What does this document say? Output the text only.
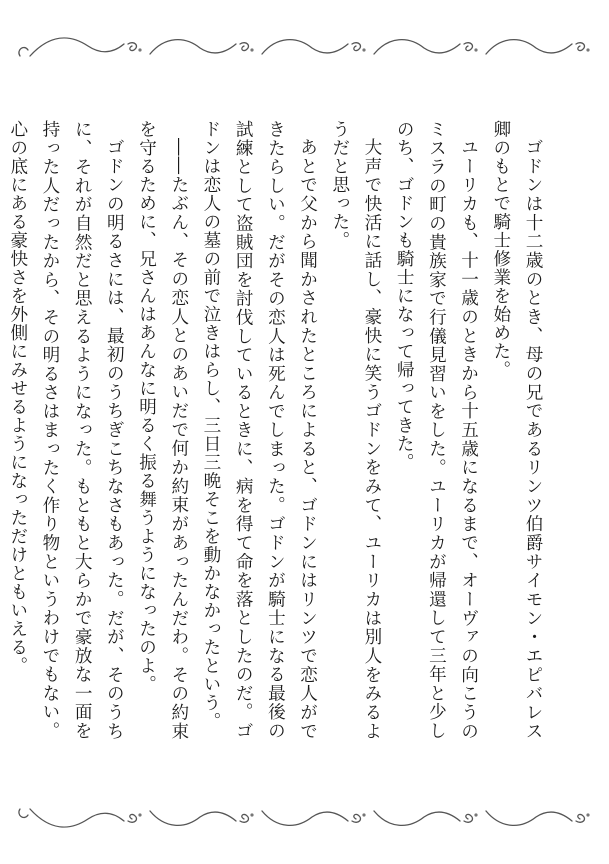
ゴドンは十二歳のとき、母の兄であるリンツ伯爵サイモン・エピバレス卿のもとで騎士修業を始めた。

ユーリカも、十一歳のときから十五歳になるまで、オーヴァの向こうのミスラの町の貴族家で行儀見習いをした。ユーリカが帰還して三年と少しのち、ゴドンも騎士になって帰ってきた。

大声で快活に話し、豪快に笑うゴドンをみて、ユーリカは別人をみるようだと思った。

あとで父から聞かされたところによると、ゴドンにはリンツで恋人ができたらしい。だがその恋人は死んでしまった。ゴドンが騎士になる最後の試練として盗賊団を討伐しているときに、病を得て命を落としたのだ。ゴドンは恋人の墓の前で泣きはらし、三日三晩そこを動かなかったという。

――たぶん、その恋人とのあいだで何か約束があったんだわ。その約束を守るために、兄さんはあんなに明るく振る舞うようになったのよ。

ゴドンの明るさには、最初のうちぎこちなさもあった。だが、そのうちに、それが自然だと思えるようになった。もともと大らかで豪放な一面を持った人だったから、その明るさはまったく作り物というわけでもない。心の底にある豪快さを外側にみせるようになっただけともいえる。
